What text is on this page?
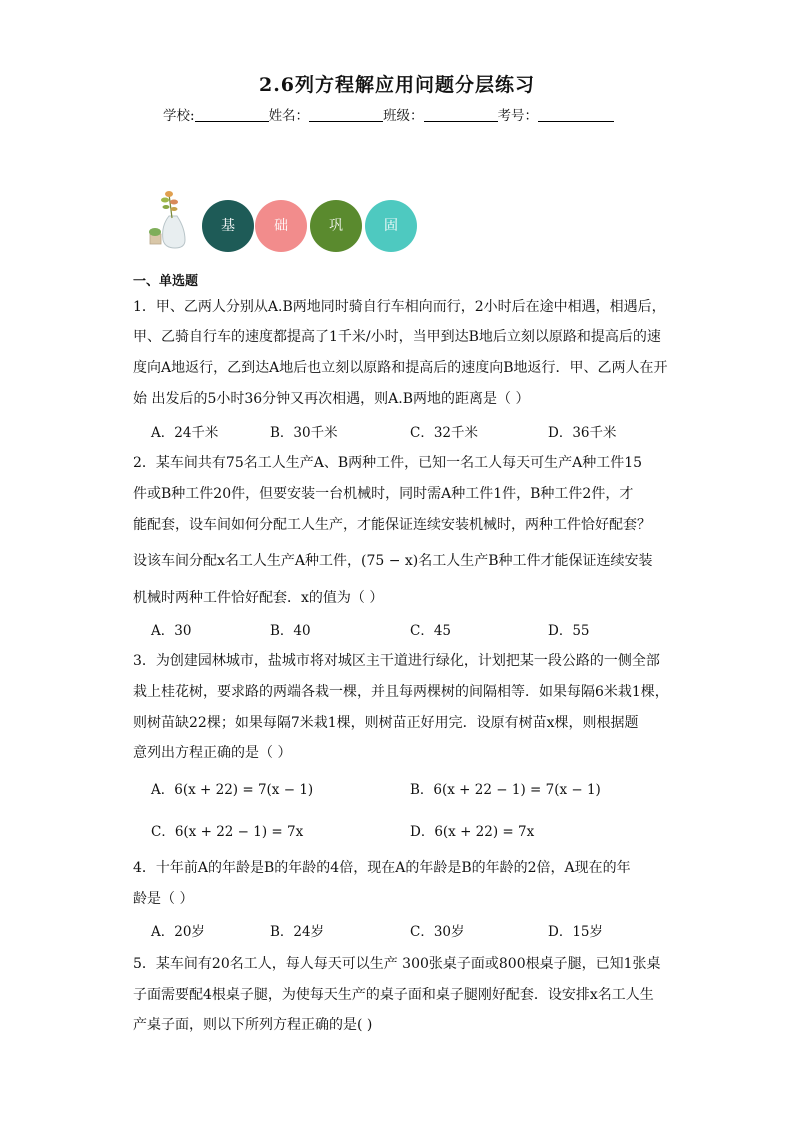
2.6列方程解应用问题分层练习
学校:	姓名：	班级：	考号：
基	础	巩	固
一、单选题
1．甲、乙两人分别从A.B两地同时骑自行车相向而行，2小时后在途中相遇，相遇后，
甲、乙骑自行车的速度都提高了1千米/小时，当甲到达B地后立刻以原路和提高后的速
度向A地返行，乙到达A地后也立刻以原路和提高后的速度向B地返行．甲、乙两人在开
始 出发后的5小时36分钟又再次相遇，则A.B两地的距离是（ ）
A．24千米	B．30千米	C．32千米	D．36千米
2．某车间共有75名工人生产A、B两种工件，已知一名工人每天可生产A种工件15
件或B种工件20件，但要安装一台机械时，同时需A种工件1件，B种工件2件，才
能配套，设车间如何分配工人生产，才能保证连续安装机械时，两种工件恰好配套？
设该车间分配x名工人生产A种工件，(75 − x)名工人生产B种工件才能保证连续安装
机械时两种工件恰好配套．x的值为（ ）
A．30	B．40	C．45	D．55
3．为创建园林城市，盐城市将对城区主干道进行绿化，计划把某一段公路的一侧全部
栽上桂花树，要求路的两端各栽一棵，并且每两棵树的间隔相等．如果每隔6米栽1棵，
则树苗缺22棵；如果每隔7米栽1棵，则树苗正好用完．设原有树苗x棵，则根据题
意列出方程正确的是（ ）
A．6(x + 22) = 7(x − 1)	B．6(x + 22 − 1) = 7(x − 1)
C．6(x + 22 − 1) = 7x	D．6(x + 22) = 7x
4．十年前A的年龄是B的年龄的4倍，现在A的年龄是B的年龄的2倍，A现在的年
龄是（ ）
A．20岁	B．24岁	C．30岁	D．15岁
5．某车间有20名工人，每人每天可以生产 300张桌子面或800根桌子腿，已知1张桌
子面需要配4根桌子腿，为使每天生产的桌子面和桌子腿刚好配套．设安排x名工人生
产桌子面，则以下所列方程正确的是( )
